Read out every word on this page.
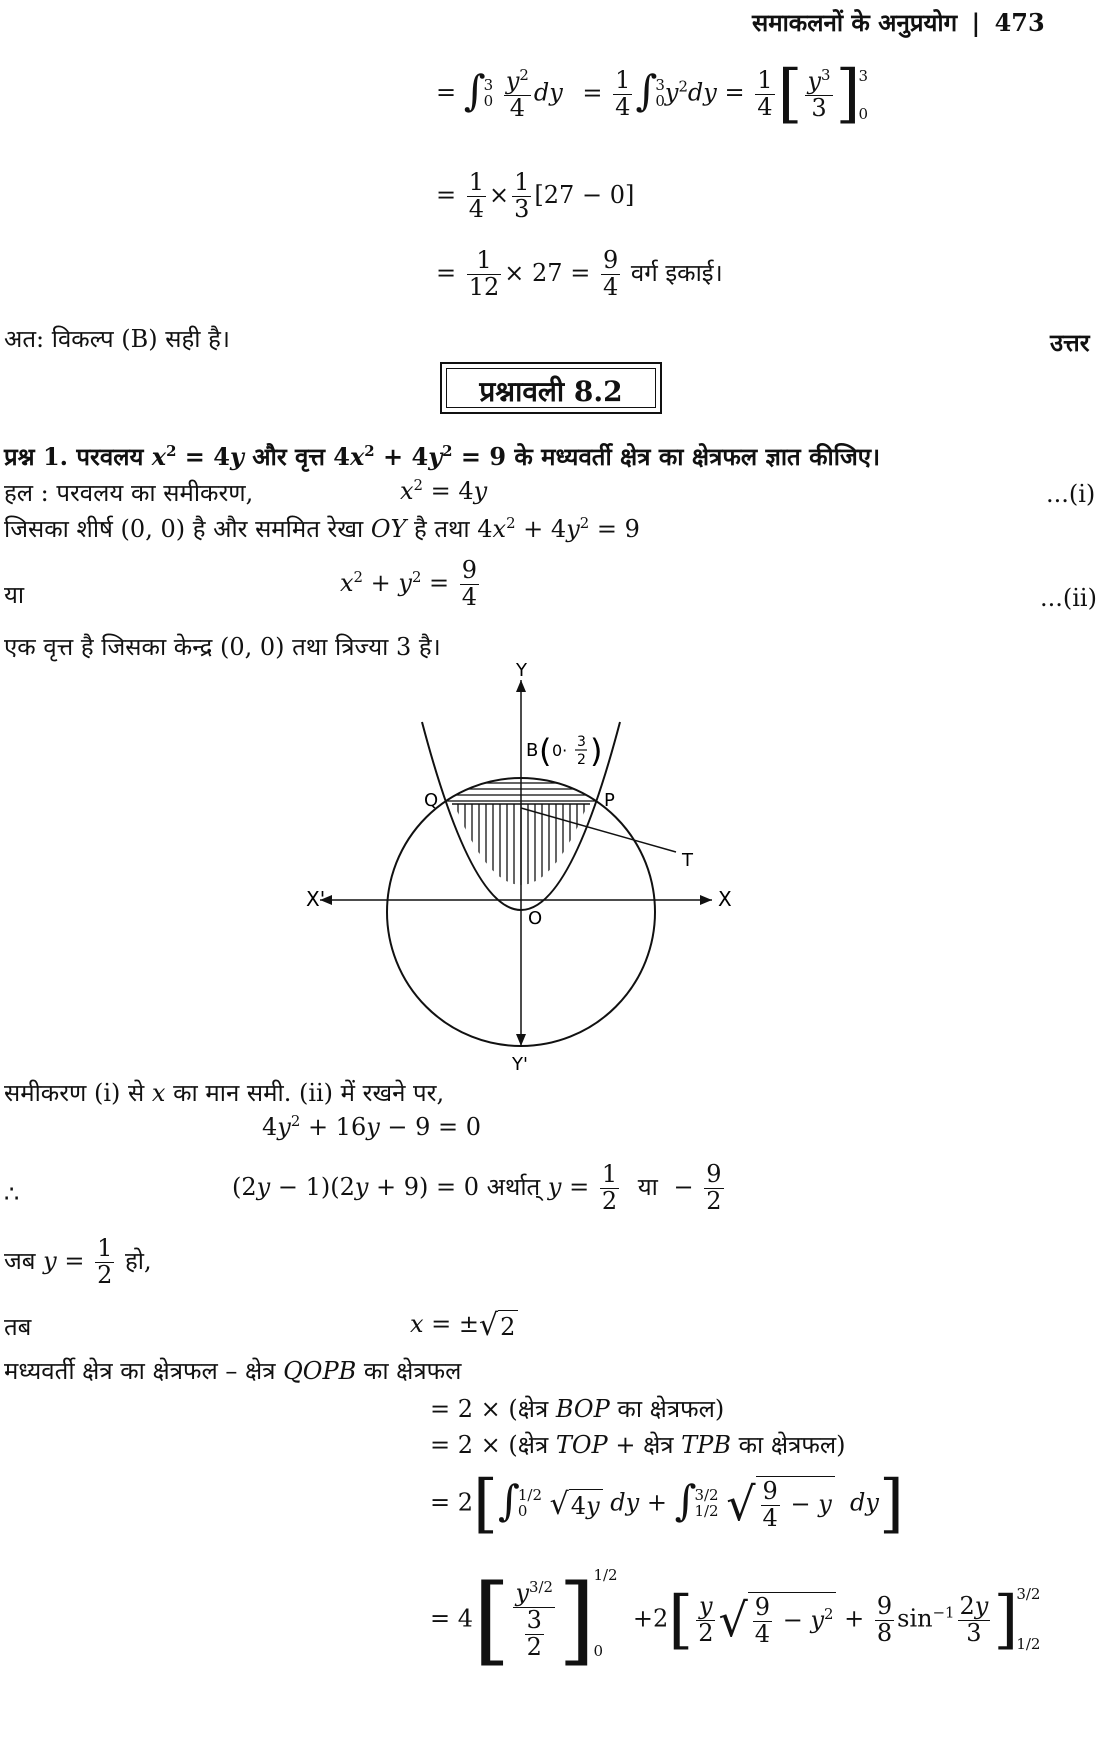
समाकलनों के अनुप्रयोग | 473
= ∫
3
0
$\frac{y^2}{4}$ dy = $\frac{1}{4}$ ∫
3
0 $y^2dy = \frac{1}{4}$ [ $\frac{y^3}{3}$ ]
3
0
= $\frac{1}{4} \times \frac{1}{3} [27 - 0]$
= $\frac{1}{12} \times 27 = \frac{9}{4}$ वर्ग इकाई।
अत: विकल्प (B) सही है।	उत्तर
प्रश्नावली 8.2
प्रश्न 1. परवलय $x^2 = 4y$ और वृत्त $4x^2 + 4y^2 = 9$ के मध्यवर्ती क्षेत्र का क्षेत्रफल ज्ञात कीजिए।
हल : परवलय का समीकरण,	$x^2 = 4y$	...(i)
जिसका शीर्ष (0, 0) है और सममित रेखा OY है तथा $4x^2 + 4y^2 = 9$
या	$x^2 + y^2 = \frac{9}{4}$	...(ii)
एक वृत्त है जिसका केन्द्र (0, 0) तथा त्रिज्या 3 है।
Y
Y'
X
X'
O
P
Q
T
B ( 0· 3
2 )
समीकरण (i) से x का मान समी. (ii) में रखने पर,
$4y^2 + 16y - 9 = 0$
∴	(2y − 1)(2y + 9) = 0 अर्थात् $y = \frac{1}{2}$ या − $\frac{9}{2}$
जब $y = \frac{1}{2}$ हो,
तब	x = ±√2
मध्यवर्ती क्षेत्र का क्षेत्रफल – क्षेत्र QOPB का क्षेत्रफल
= 2 × (क्षेत्र BOP का क्षेत्रफल)
= 2 × (क्षेत्र TOP + क्षेत्र TPB का क्षेत्रफल)
= 2[∫
1/2
0 √4y dy + ∫
3/2
1/2 √ $\frac{9}{4} - y$ dy]
= $4[ \frac{y^{3/2}}{\frac{3}{2}}$ ]
1/2
0
$+2[ \frac{y}{2}$ √ $\frac{9}{4} - y^2 + \frac{9}{8} \sin^{-1} \frac{2y}{3}$ ]
3/2
1/2
